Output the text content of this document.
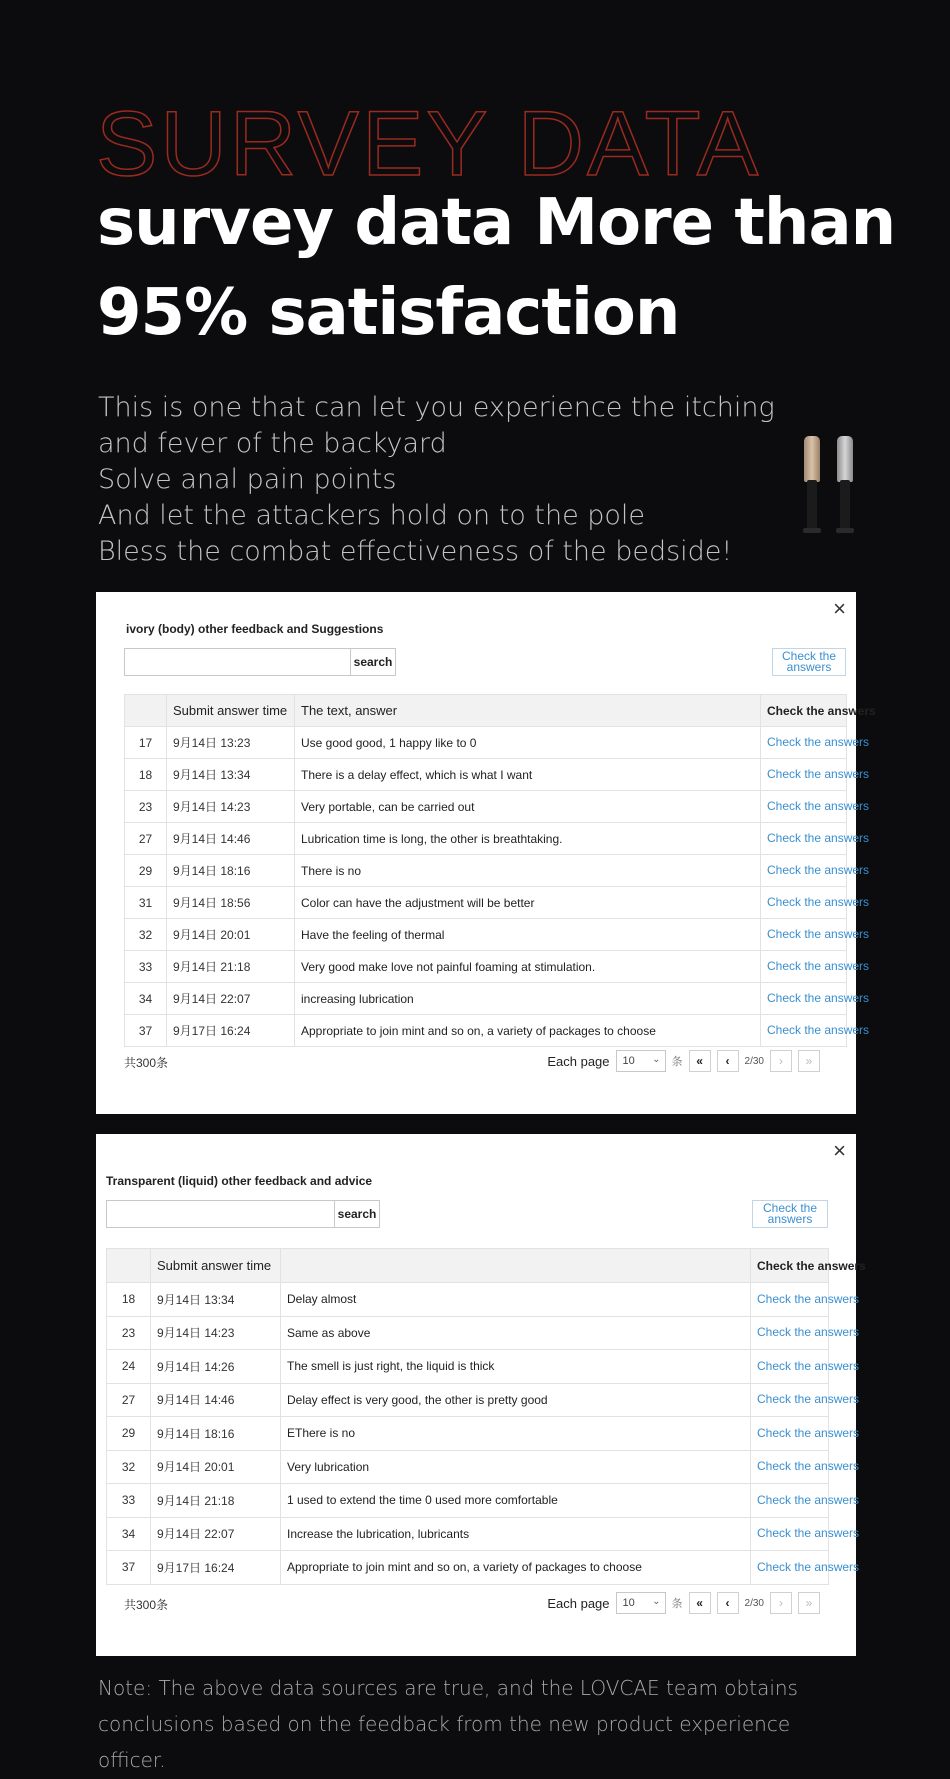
SURVEY DATA
survey data More than 95% satisfaction
This is one that can let you experience the itching
and fever of the backyard
Solve anal pain points
And let the attackers hold on to the pole
Bless the combat effectiveness of the bedside!
×
ivory (body) other feedback and Suggestions
search	Check the answers
	Submit answer time	The text, answer	Check the answers
17	9月14日 13:23	Use good good, 1 happy like to 0	Check the answers
18	9月14日 13:34	There is a delay effect, which is what I want	Check the answers
23	9月14日 14:23	Very portable, can be carried out	Check the answers
27	9月14日 14:46	Lubrication time is long, the other is breathtaking.	Check the answers
29	9月14日 18:16	There is no	Check the answers
31	9月14日 18:56	Color can have the adjustment will be better	Check the answers
32	9月14日 20:01	Have the feeling of thermal	Check the answers
33	9月14日 21:18	Very good make love not painful foaming at stimulation.	Check the answers
34	9月14日 22:07	increasing lubrication	Check the answers
37	9月17日 16:24	Appropriate to join mint and so on, a variety of packages to choose	Check the answers
共300条	Each page 10 ⌄ 条	«	‹	2/30	›	»
×
Transparent (liquid) other feedback and advice
search	Check the answers
	Submit answer time		Check the answers
18	9月14日 13:34	Delay almost	Check the answers
23	9月14日 14:23	Same as above	Check the answers
24	9月14日 14:26	The smell is just right, the liquid is thick	Check the answers
27	9月14日 14:46	Delay effect is very good, the other is pretty good	Check the answers
29	9月14日 18:16	EThere is no	Check the answers
32	9月14日 20:01	Very lubrication	Check the answers
33	9月14日 21:18	1 used to extend the time 0 used more comfortable	Check the answers
34	9月14日 22:07	Increase the lubrication, lubricants	Check the answers
37	9月17日 16:24	Appropriate to join mint and so on, a variety of packages to choose	Check the answers
共300条	Each page 10 ⌄ 条	«	‹	2/30	›	»
Note: The above data sources are true, and the LOVCAE team obtains conclusions based on the feedback from the new product experience officer.
